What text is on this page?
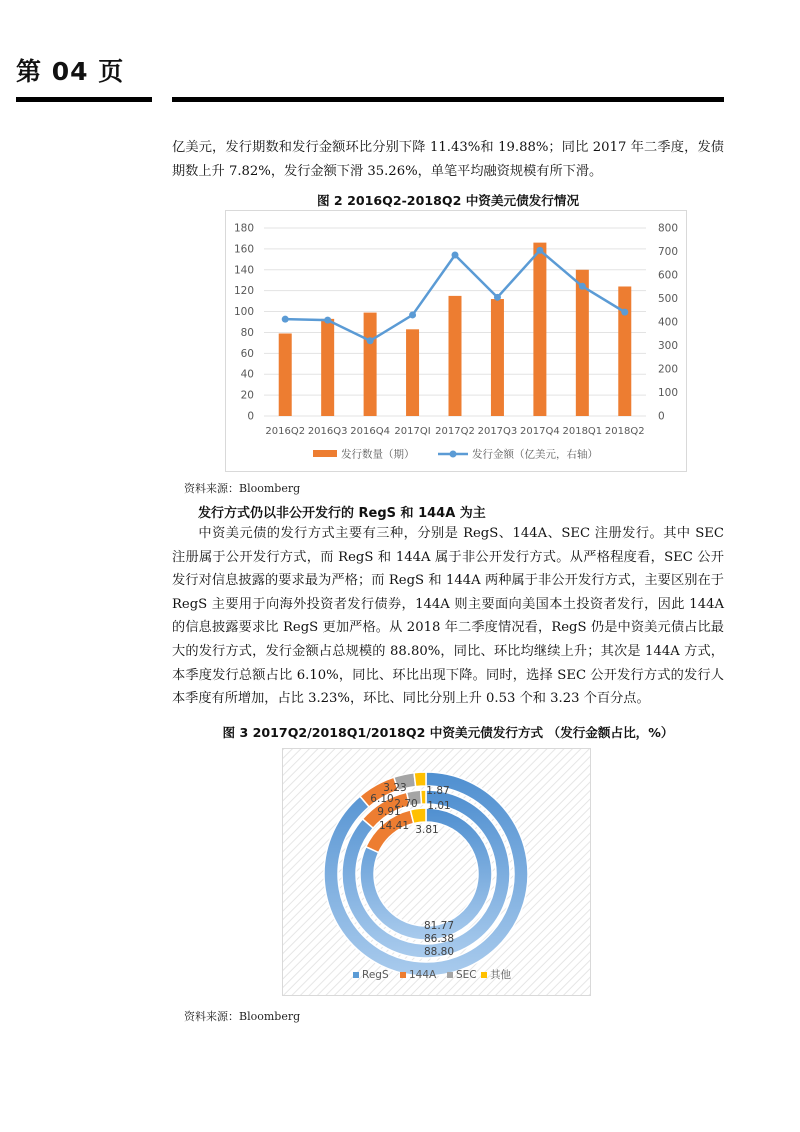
第 04 页

亿美元，发行期数和发行金额环比分别下降 11.43%和 19.88%；同比 2017 年二季度，发债期数上升 7.82%，发行金额下滑 35.26%，单笔平均融资规模有所下滑。

图 2 2016Q2-2018Q2 中资美元债发行情况
0
20
40
60
80
100
120
140
160
180
0
100
200
300
400
500
600
700
800
2016Q2 2016Q3 2016Q4 2017QI 2017Q2 2017Q3 2017Q4 2018Q1 2018Q2
发行数量（期）	发行金额（亿美元，右轴）
资料来源：Bloomberg
发行方式仍以非公开发行的 RegS 和 144A 为主

中资美元债的发行方式主要有三种，分别是 RegS、144A、SEC 注册发行。其中 SEC 注册属于公开发行方式，而 RegS 和 144A 属于非公开发行方式。从严格程度看，SEC 公开发行对信息披露的要求最为严格；而 RegS 和 144A 两种属于非公开发行方式，主要区别在于 RegS 主要用于向海外投资者发行债券，144A 则主要面向美国本土投资者发行，因此 144A 的信息披露要求比 RegS 更加严格。从 2018 年二季度情况看，RegS 仍是中资美元债占比最大的发行方式，发行金额占总规模的 88.80%，同比、环比均继续上升；其次是 144A 方式，本季度发行总额占比 6.10%，同比、环比出现下降。同时，选择 SEC 公开发行方式的发行人本季度有所增加，占比 3.23%，环比、同比分别上升 0.53 个和 3.23 个百分点。

图 3 2017Q2/2018Q1/2018Q2 中资美元债发行方式 （发行金额占比，%）
81.77
14.41 3.81
86.38
9.91
2.70 1.01
88.80
6.10
3.23 1.87
RegS 144A SEC 其他
资料来源：Bloomberg
